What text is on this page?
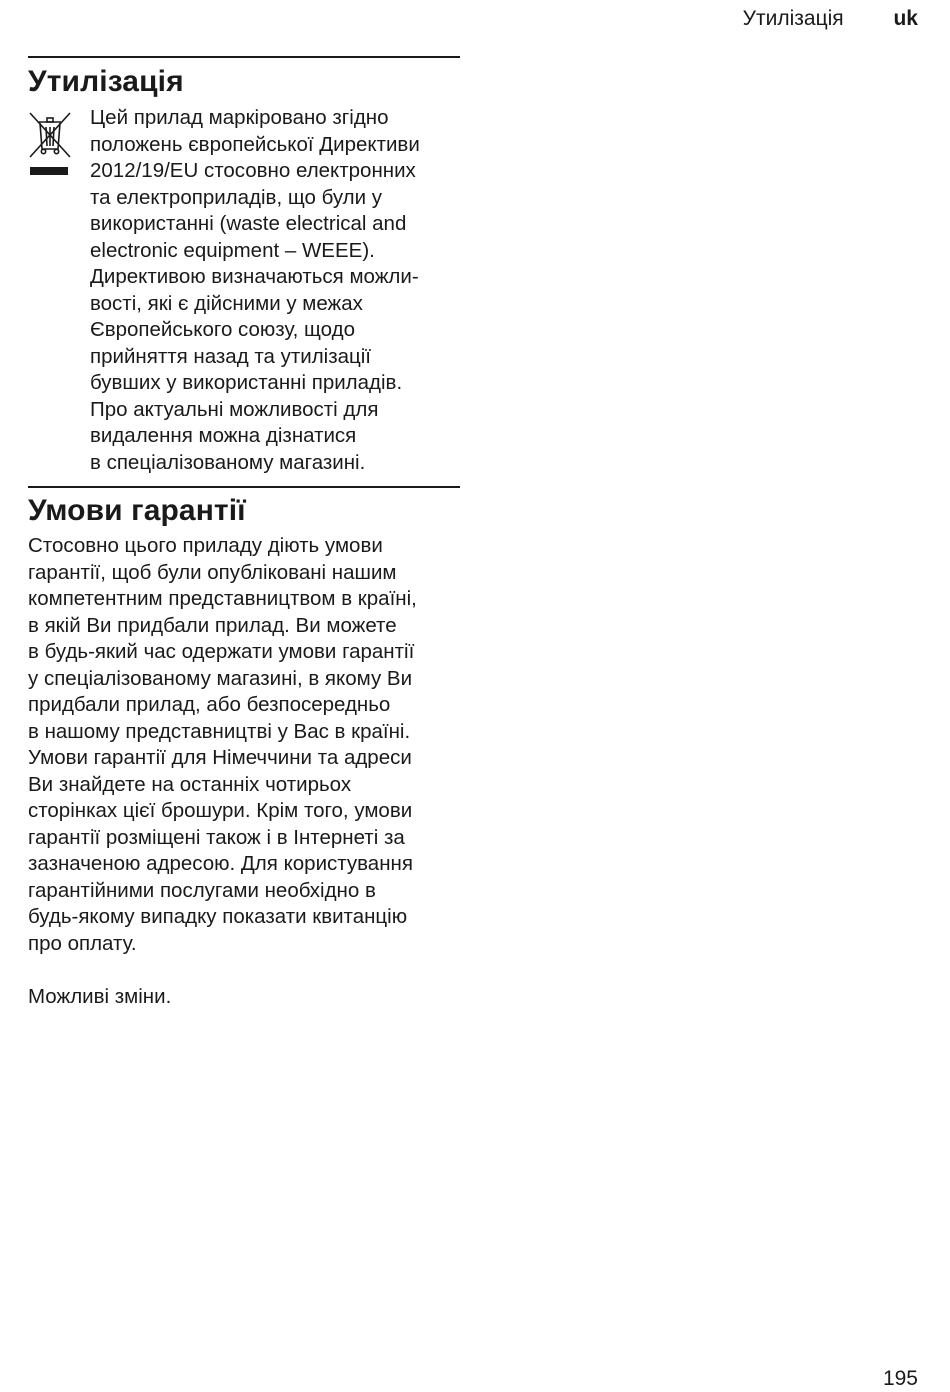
Утилізація uk
Утилізація

Цей прилад маркіровано згідно
положень європейської Директиви
2012/19/EU стосовно електронних
та електроприладів, що були у
використанні (waste electrical and
electronic equipment – WEEE).
Директивою визначаються можли-
вості, які є дійсними у межах
Європейського союзу, щодо
прийняття назад та утилізації
бувших у використанні приладів.
Про актуальні можливості для
видалення можна дізнатися
в спеціалізованому магазині.

Умови гарантії

Стосовно цього приладу діють умови
гарантії, щоб були опубліковані нашим
компетентним представництвом в країні,
в якій Ви придбали прилад. Ви можете
в будь-який час одержати умови гарантії
у спеціалізованому магазині, в якому Ви
придбали прилад, або безпосередньо
в нашому представництві у Вас в країні.
Умови гарантії для Німеччини та адреси
Ви знайдете на останніх чотирьох
сторінках цієї брошури. Крім того, умови
гарантії розміщені також і в Інтернеті за
зазначеною адресою. Для користування
гарантійними послугами необхідно в
будь-якому випадку показати квитанцію
про оплату.

Можливі зміни.

195
